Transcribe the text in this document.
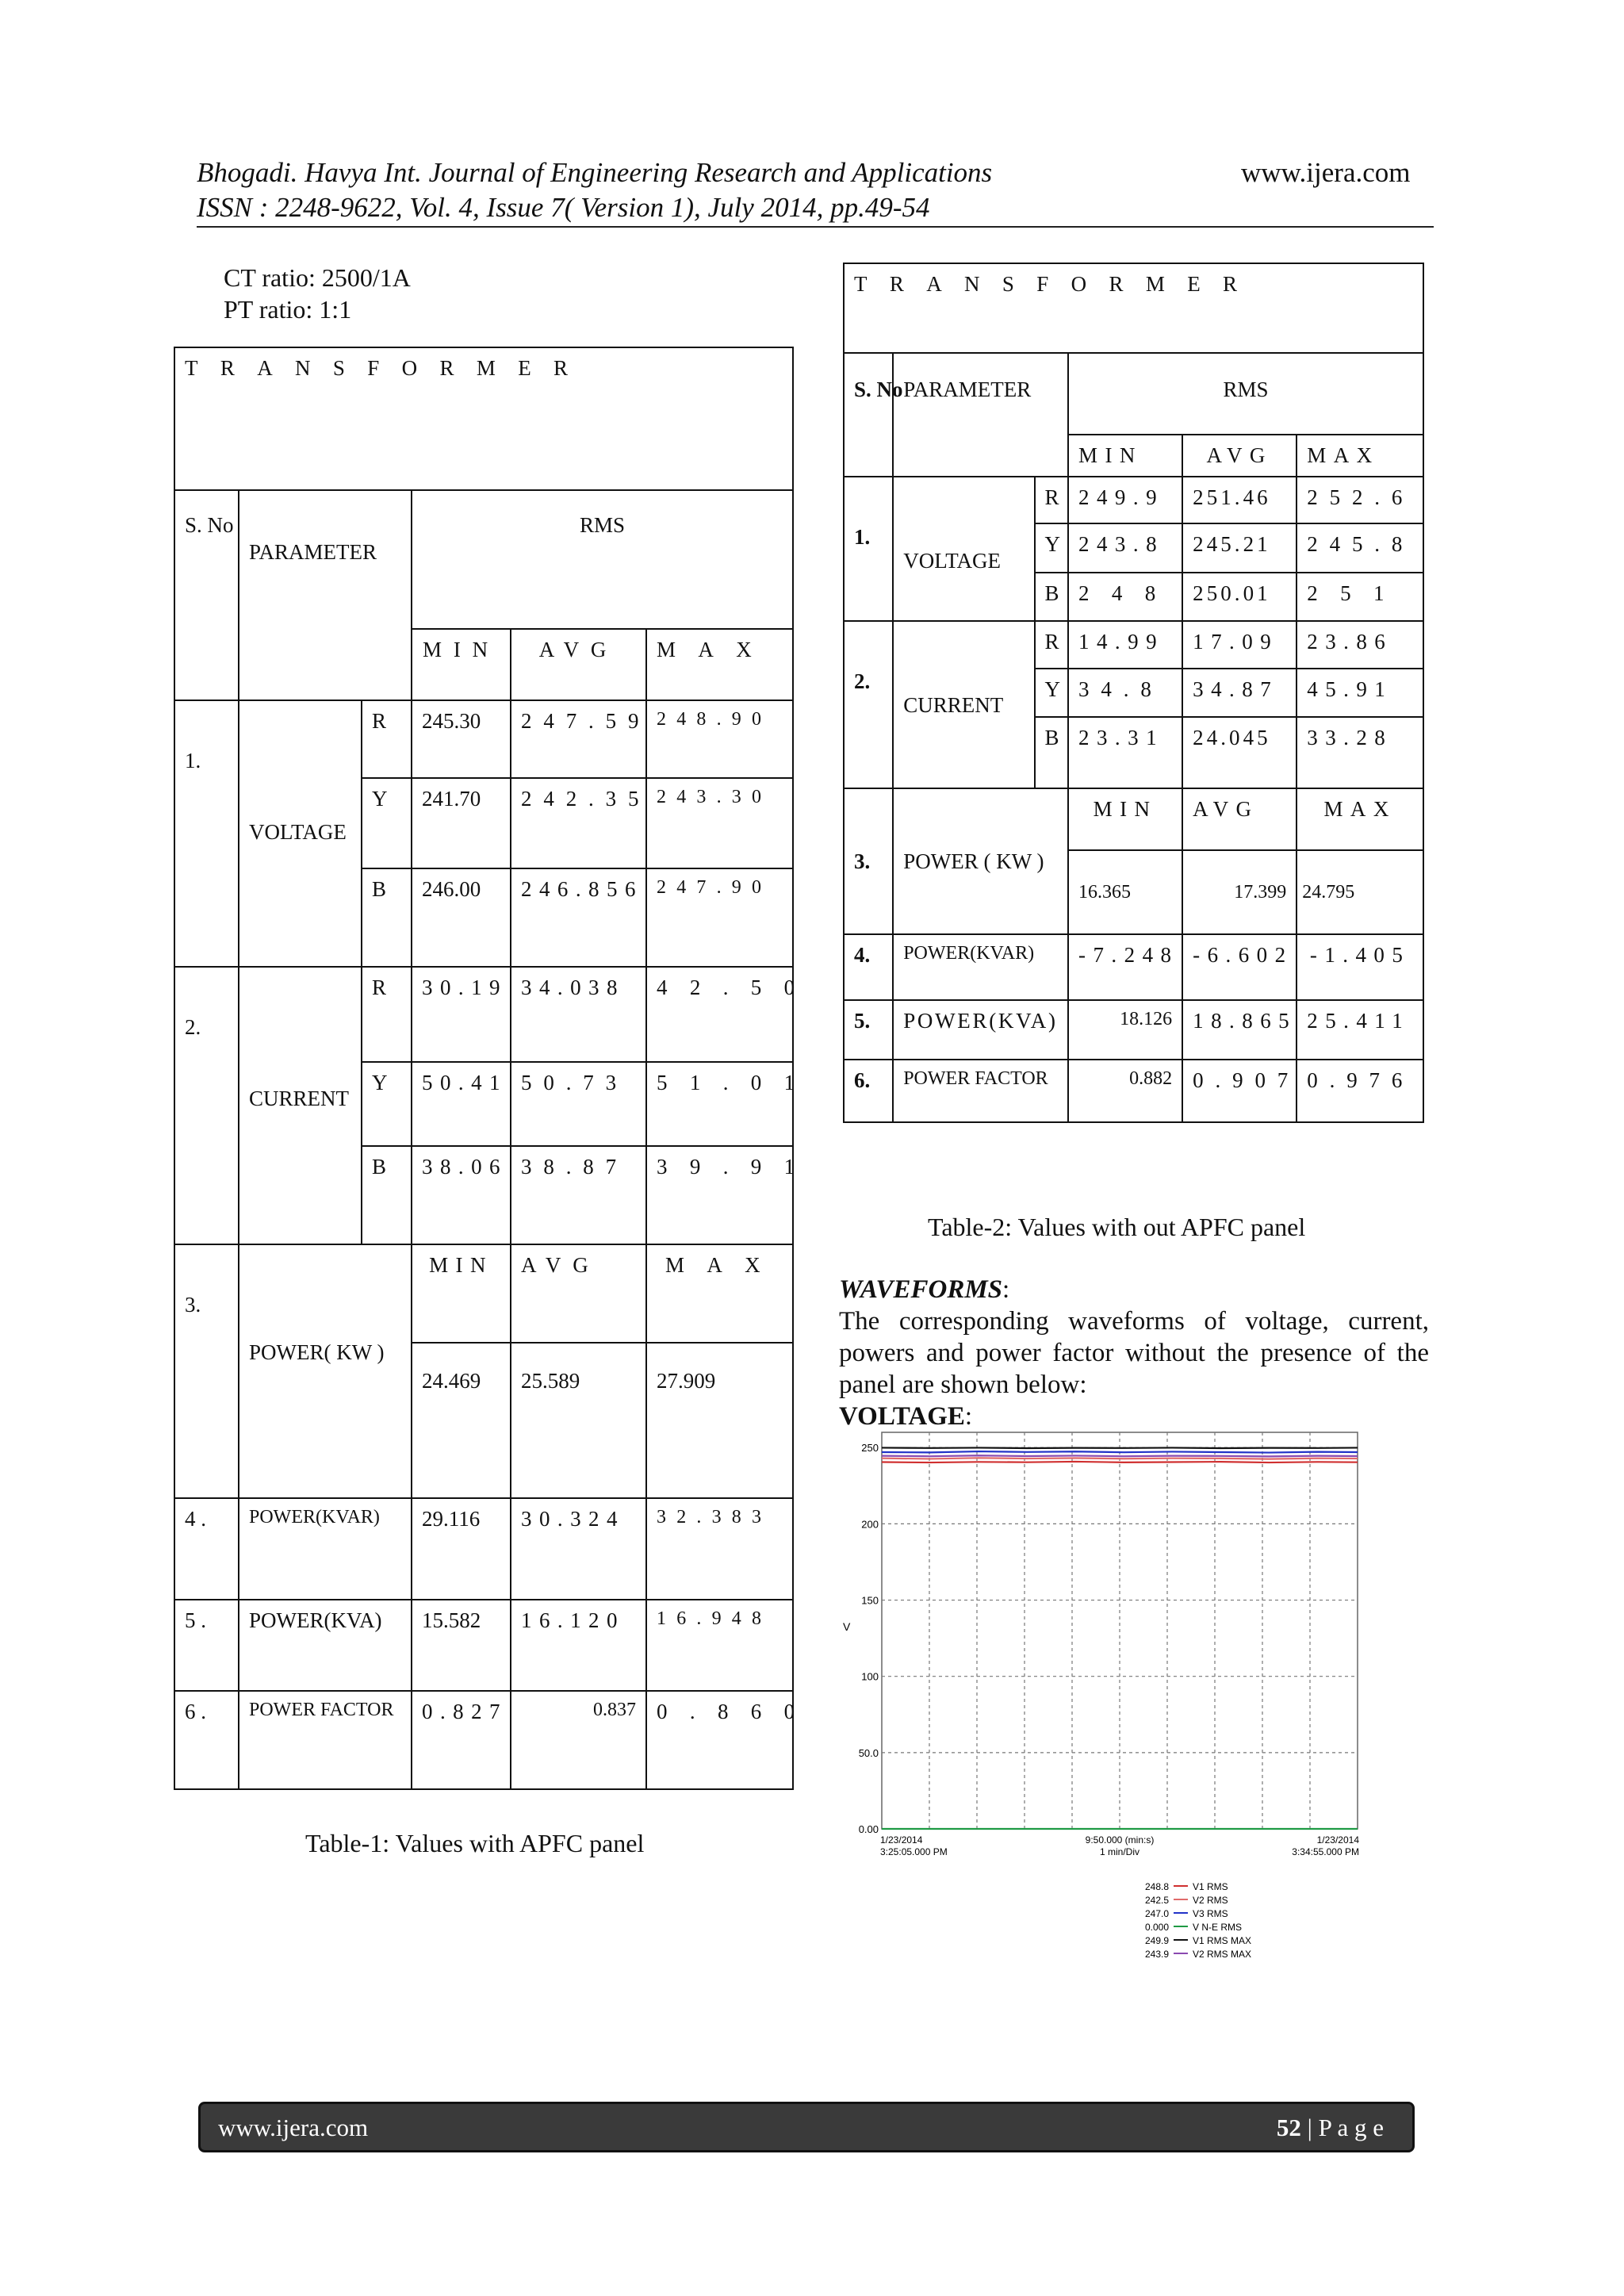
Bhogadi. Havya Int. Journal of Engineering Research and Applications
ISSN : 2248-9622, Vol. 4, Issue 7( Version 1), July 2014, pp.49-54
www.ijera.com
CT ratio: 2500/1A
PT ratio: 1:1
TRANSFORMER					
S. No	PARAMETER		RMS		
			MIN	AVG	MAX
1.	VOLTAGE	R	245.30	247.59	248.90
		Y	241.70	242.35	243.30
		B	246.00	246.856	247.90
2.	CURRENT	R	30.19	34.038	42.50
		Y	50.41	50.73	51.01
		B	38.06	38.87	39.91
3.	POWER( KW )		MIN	AVG	MAX
			24.469	25.589	27.909
4 .	POWER(KVAR)		29.116	30.324	32.383
5 .	POWER(KVA)		15.582	16.120	16.948
6 .	POWER FACTOR		0.827	0.837	0.860
Table-1: Values with APFC panel
TRANSFORMER					
S. No	PARAMETER		RMS		
			MIN	AVG	MAX
1.	VOLTAGE	R	249.9	251.46	252.6
		Y	243.8	245.21	245.8
		B	248	250.01	251
2.	CURRENT	R	14.99	17.09	23.86
		Y	34.8	34.87	45.91
		B	23.31	24.045	33.28
3.	POWER ( KW )		MIN	AVG	MAX
			16.365	17.399	24.795
4.	POWER(KVAR)		-7.248	-6.602	-1.405
5.	POWER(KVA)		18.126	18.865	25.411
6.	POWER FACTOR		0.882	0.907	0.976
Table-2: Values with out APFC panel
WAVEFORMS:
The corresponding waveforms of voltage, current, powers and power factor without the presence of the panel are shown below:
VOLTAGE:
0.00
50.0
100
150
200
250
V
1/23/2014
3:25:05.000 PM
9:50.000 (min:s)
1 min/Div
1/23/2014
3:34:55.000 PM
248.8	V1 RMS
242.5	V2 RMS
247.0	V3 RMS
0.000	V N-E RMS
249.9	V1 RMS MAX
243.9	V2 RMS MAX
www.ijera.com	52 | P a g e
